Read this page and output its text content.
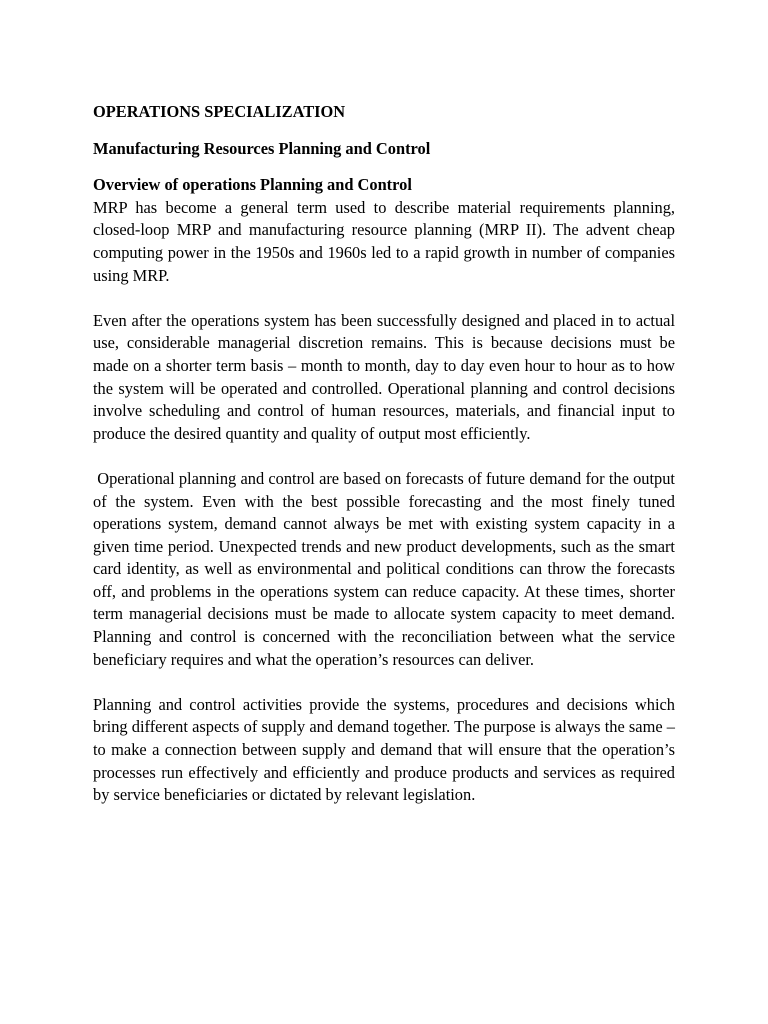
OPERATIONS SPECIALIZATION
Manufacturing Resources Planning and Control
Overview of operations Planning and Control

MRP has become a general term used to describe material requirements planning, closed-loop MRP and manufacturing resource planning (MRP II). The advent cheap computing power in the 1950s and 1960s led to a rapid growth in number of companies using MRP.

Even after the operations system has been successfully designed and placed in to actual use, considerable managerial discretion remains. This is because decisions must be made on a shorter term basis – month to month, day to day even hour to hour as to how the system will be operated and controlled. Operational planning and control decisions involve scheduling and control of human resources, materials, and financial input to produce the desired quantity and quality of output most efficiently.

Operational planning and control are based on forecasts of future demand for the output of the system. Even with the best possible forecasting and the most finely tuned operations system, demand cannot always be met with existing system capacity in a given time period. Unexpected trends and new product developments, such as the smart card identity, as well as environmental and political conditions can throw the forecasts off, and problems in the operations system can reduce capacity. At these times, shorter term managerial decisions must be made to allocate system capacity to meet demand. Planning and control is concerned with the reconciliation between what the service beneficiary requires and what the operation’s resources can deliver.

Planning and control activities provide the systems, procedures and decisions which bring different aspects of supply and demand together. The purpose is always the same – to make a connection between supply and demand that will ensure that the operation’s processes run effectively and efficiently and produce products and services as required by service beneficiaries or dictated by relevant legislation.
